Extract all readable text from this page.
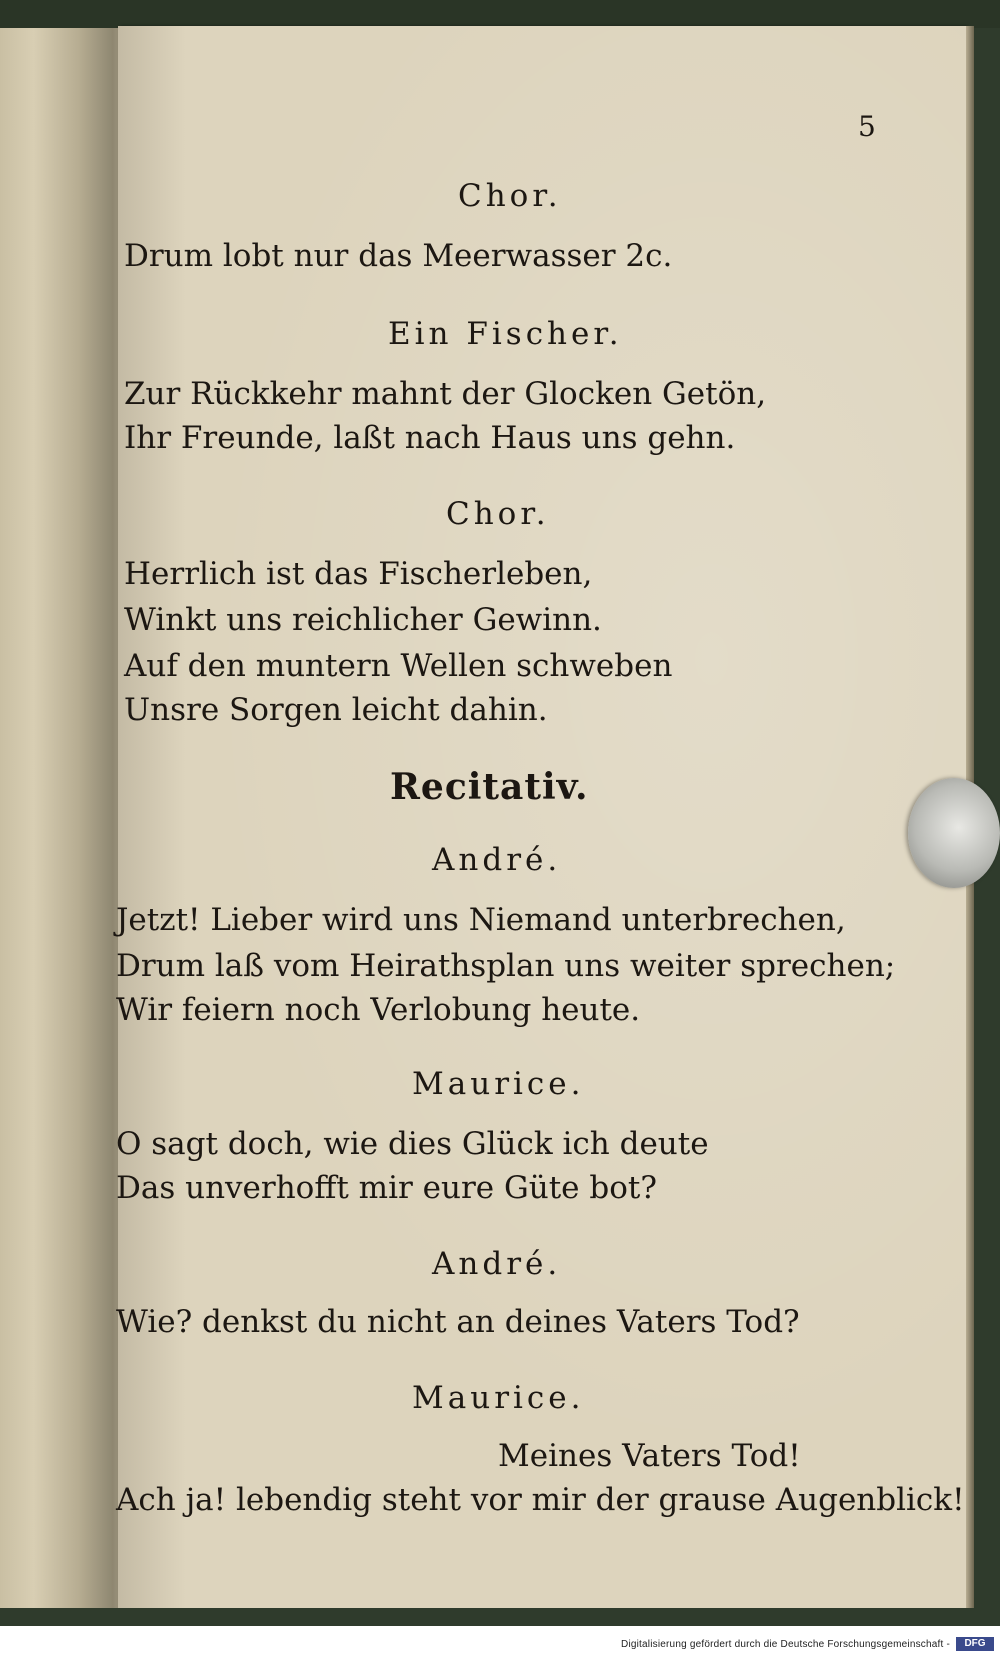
5
Chor.
Drum lobt nur das Meerwasser 2c.
Ein Fischer.
Zur Rückkehr mahnt der Glocken Getön,
Ihr Freunde, laßt nach Haus uns gehn.
Chor.
Herrlich ist das Fischerleben,
Winkt uns reichlicher Gewinn.
Auf den muntern Wellen schweben
Unsre Sorgen leicht dahin.
Recitativ.
André.
Jetzt! Lieber wird uns Niemand unterbrechen,
Drum laß vom Heirathsplan uns weiter sprechen;
Wir feiern noch Verlobung heute.
Maurice.
O sagt doch, wie dies Glück ich deute
Das unverhofft mir eure Güte bot?
André.
Wie? denkst du nicht an deines Vaters Tod?
Maurice.
Meines Vaters Tod!
Ach ja! lebendig steht vor mir der grause Augenblick!
Digitalisierung gefördert durch die Deutsche Forschungsgemeinschaft -	DFG
